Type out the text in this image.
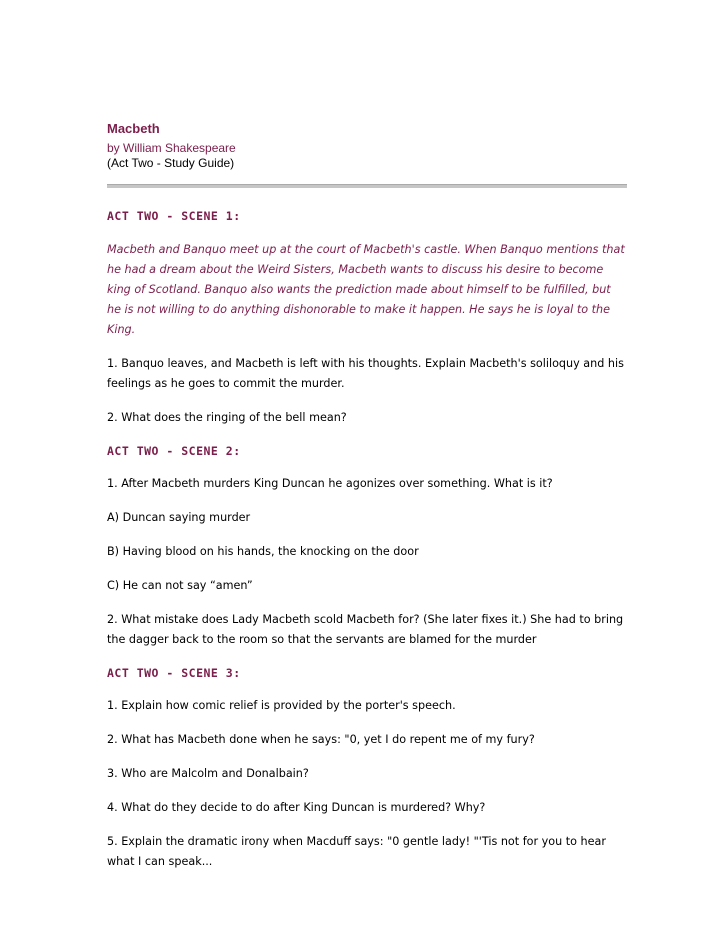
Macbeth

by William Shakespeare

(Act Two - Study Guide)

ACT TWO - SCENE 1:

Macbeth and Banquo meet up at the court of Macbeth's castle. When Banquo mentions that he had a dream about the Weird Sisters, Macbeth wants to discuss his desire to become king of Scotland. Banquo also wants the prediction made about himself to be fulfilled, but he is not willing to do anything dishonorable to make it happen. He says he is loyal to the King.

1. Banquo leaves, and Macbeth is left with his thoughts. Explain Macbeth's soliloquy and his feelings as he goes to commit the murder.

2. What does the ringing of the bell mean?

ACT TWO - SCENE 2:

1. After Macbeth murders King Duncan he agonizes over something. What is it?

A) Duncan saying murder

B) Having blood on his hands, the knocking on the door

C) He can not say “amen”

2. What mistake does Lady Macbeth scold Macbeth for? (She later fixes it.) She had to bring the dagger back to the room so that the servants are blamed for the murder

ACT TWO - SCENE 3:

1. Explain how comic relief is provided by the porter's speech.

2. What has Macbeth done when he says: "0, yet I do repent me of my fury?

3. Who are Malcolm and Donalbain?

4. What do they decide to do after King Duncan is murdered? Why?

5. Explain the dramatic irony when Macduff says: "0 gentle lady! "'Tis not for you to hear what I can speak...
